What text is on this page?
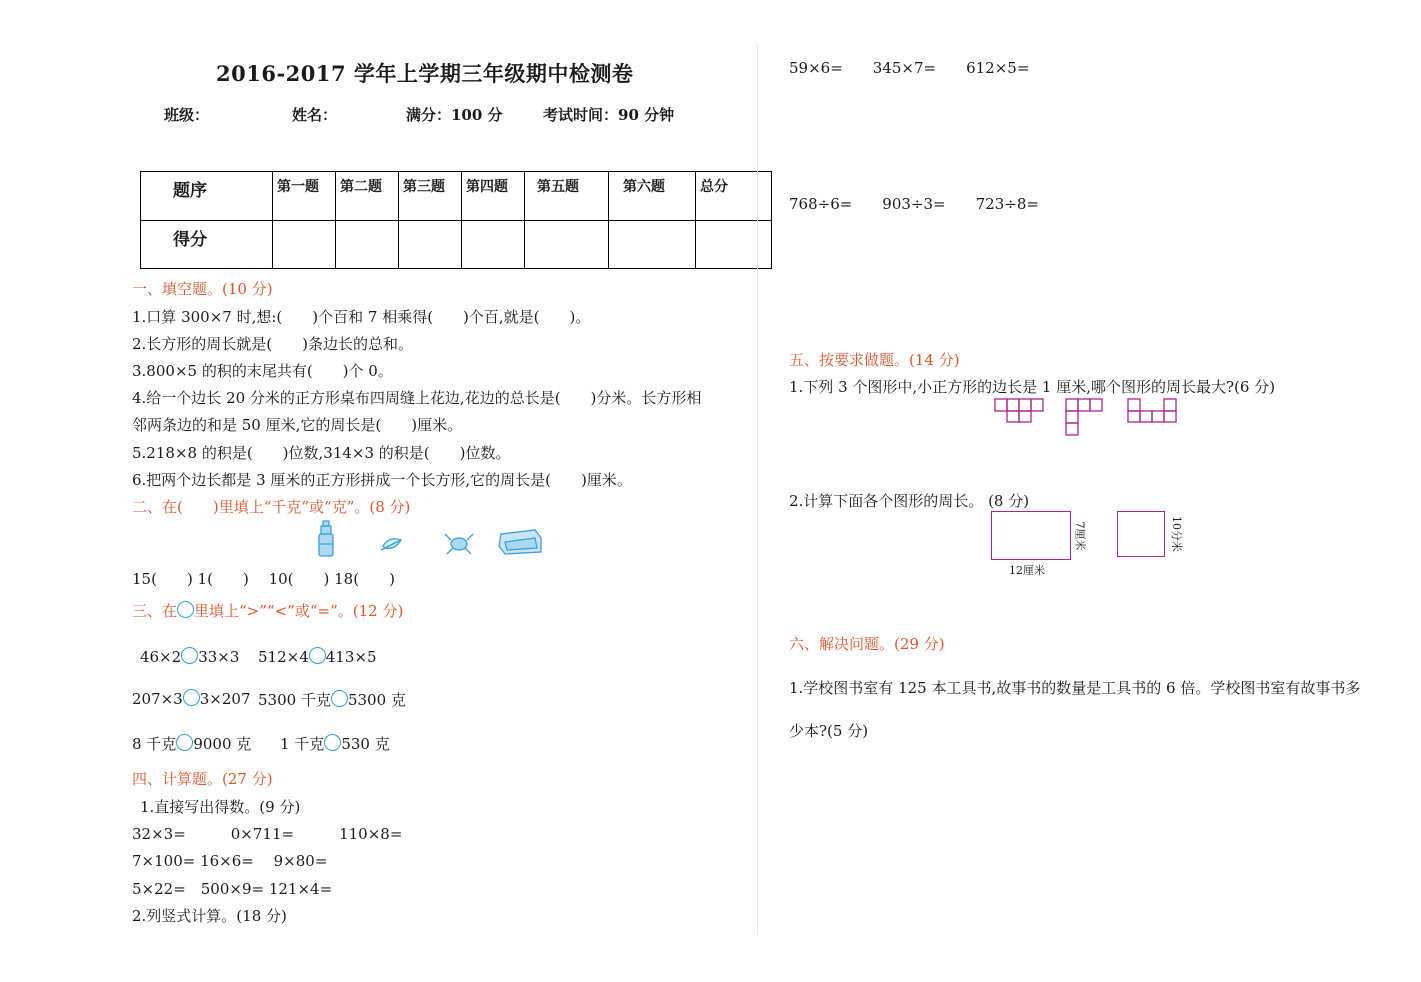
2016-2017 学年上学期三年级期中检测卷
班级：	姓名：	满分：100 分	考试时间：90 分钟
题序	第一题	第二题	第三题	第四题	第五题	第六题	总分
得分							
一、填空题。(10 分)
1.口算 300×7 时,想:(　　)个百和 7 相乘得(　　)个百,就是(　　)。
2.长方形的周长就是(　　)条边长的总和。
3.800×5 的积的末尾共有(　　)个 0。
4.给一个边长 20 分米的正方形桌布四周缝上花边,花边的总长是(　　)分米。长方形相
邻两条边的和是 50 厘米,它的周长是(　　)厘米。
5.218×8 的积是(　　)位数,314×3 的积是(　　)位数。
6.把两个边长都是 3 厘米的正方形拼成一个长方形,它的周长是(　　)厘米。
二、在(　　)里填上“千克”或“克”。(8 分)
15(　　) 1(　　)　 10(　　) 18(　　)
三、在 里填上“>”“<”或“=”。(12 分)
46×2 33×3 512×4 413×5
207×3 3×207 5300 千克 5300 克
8 千克 9000 克 1 千克 530 克
四、计算题。(27 分)
1.直接写出得数。(9 分)
32×3=　　　0×711=　　　110×8=
7×100= 16×6=　 9×80=
5×22=　500×9= 121×4=
2.列竖式计算。(18 分)
59×6=　　345×7=　　612×5=
768÷6=　　903÷3=　　723÷8=
五、按要求做题。(14 分)
1.下列 3 个图形中,小正方形的边长是 1 厘米,哪个图形的周长最大?(6 分)
2.计算下面各个图形的周长。 (8 分)
12厘米
7厘米	10分米
六、解决问题。(29 分)
1.学校图书室有 125 本工具书,故事书的数量是工具书的 6 倍。学校图书室有故事书多
少本?(5 分)
